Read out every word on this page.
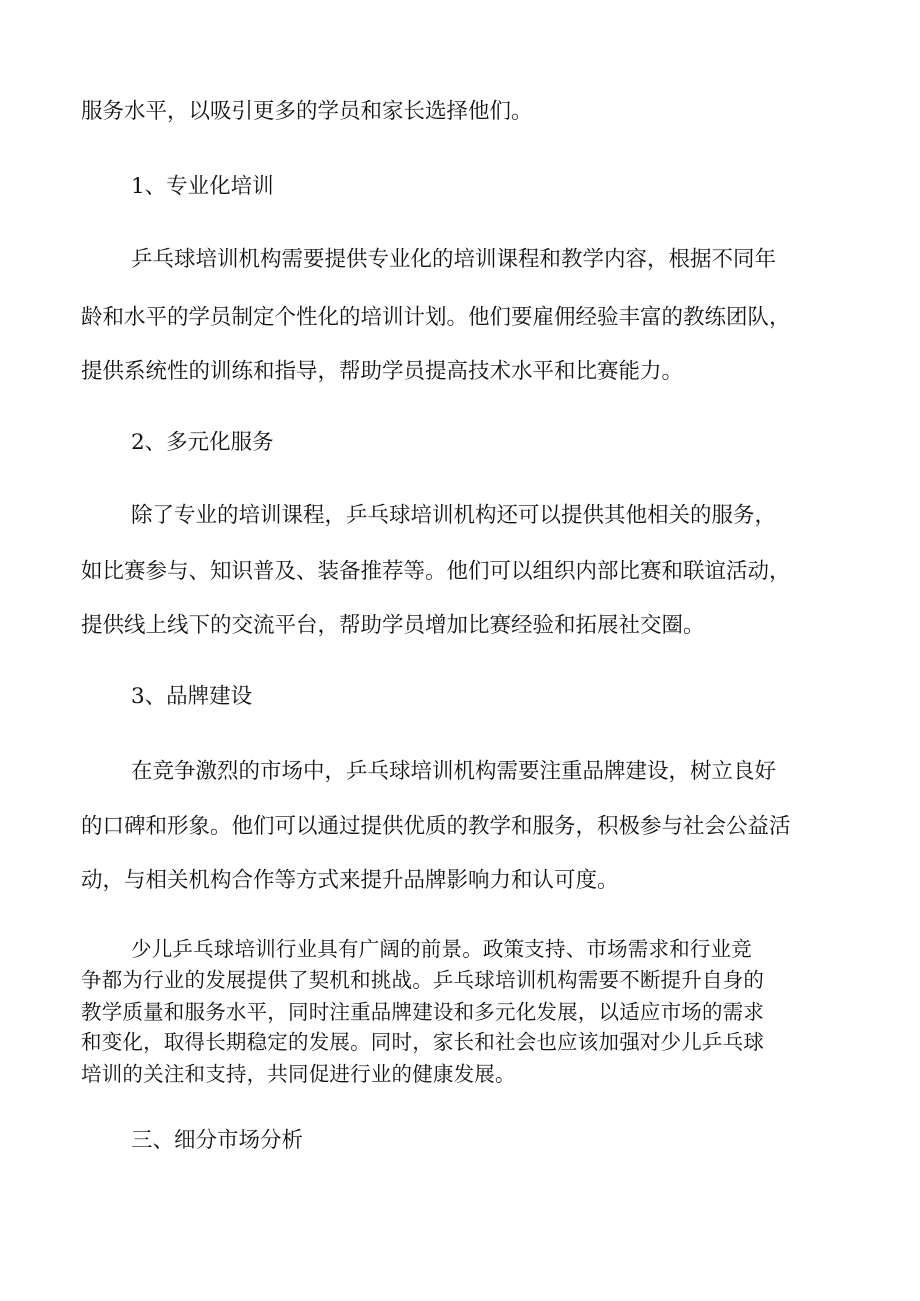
服务水平，以吸引更多的学员和家长选择他们。

1、专业化培训

乒乓球培训机构需要提供专业化的培训课程和教学内容，根据不同年

龄和水平的学员制定个性化的培训计划。他们要雇佣经验丰富的教练团队，

提供系统性的训练和指导，帮助学员提高技术水平和比赛能力。

2、多元化服务

除了专业的培训课程，乒乓球培训机构还可以提供其他相关的服务，

如比赛参与、知识普及、装备推荐等。他们可以组织内部比赛和联谊活动，

提供线上线下的交流平台，帮助学员增加比赛经验和拓展社交圈。

3、品牌建设

在竞争激烈的市场中，乒乓球培训机构需要注重品牌建设，树立良好

的口碑和形象。他们可以通过提供优质的教学和服务，积极参与社会公益活

动，与相关机构合作等方式来提升品牌影响力和认可度。

少儿乒乓球培训行业具有广阔的前景。政策支持、市场需求和行业竞

争都为行业的发展提供了契机和挑战。乒乓球培训机构需要不断提升自身的

教学质量和服务水平，同时注重品牌建设和多元化发展，以适应市场的需求

和变化，取得长期稳定的发展。同时，家长和社会也应该加强对少儿乒乓球

培训的关注和支持，共同促进行业的健康发展。

三、细分市场分析
